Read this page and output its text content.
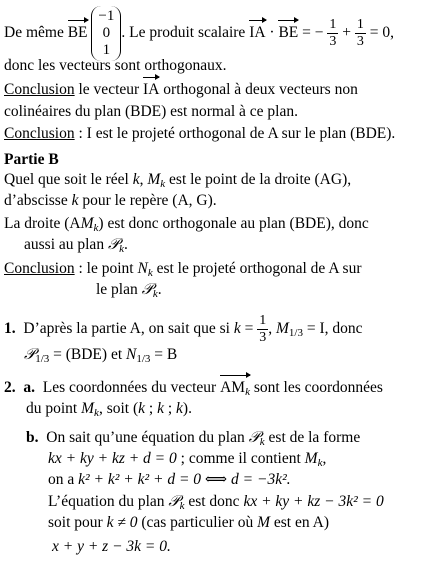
De même BE −1
0
1. Le produit scalaire IA · BE = − $\frac{1}{3} + \frac{1}{3} = 0$,
donc les vecteurs sont orthogonaux.
Conclusion le vecteur IA orthogonal à deux vecteurs non
colinéaires du plan (BDE) est normal à ce plan.
Conclusion : I est le projeté orthogonal de A sur le plan (BDE).
Partie B
Quel que soit le réel k, $M_k$ est le point de la droite (AG),
d’abscisse k pour le repère (A, G).
La droite $(AM_k)$ est donc orthogonale au plan (BDE), donc
aussi au plan 𝒫$_k$.
Conclusion : le point $N_k$ est le projeté orthogonal de A sur
le plan 𝒫$_k$.
1. D’après la partie A, on sait que si $k = \frac{1}{3}$ , $M_{1/3} = I$, donc
𝒫$_{1/3}$ = (BDE) et $N_{1/3} = B$
2. a. Les coordonnées du vecteur $AM_k$ sont les coordonnées
du point $M_k$, soit (k ; k ; k).
b. On sait qu’une équation du plan 𝒫$_k$ est de la forme
kx + ky + kz + d = 0 ; comme il contient $M_k$,
on a k² + k² + k² + d = 0 ⟺ d = −3k².
L’équation du plan 𝒫$_k$ est donc kx + ky + kz − 3k² = 0
soit pour k ≠ 0 (cas particulier où M est en A)
x + y + z − 3k = 0.
